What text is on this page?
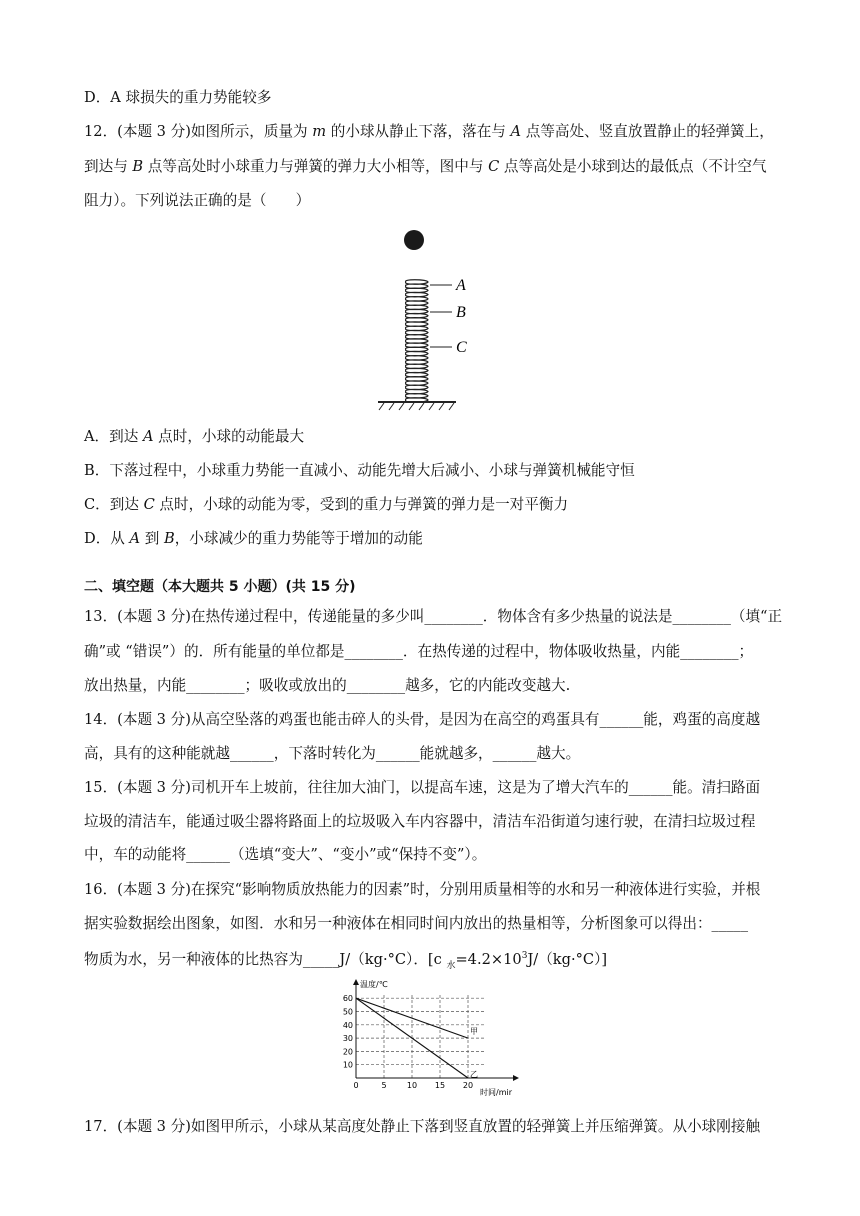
D．A 球损失的重力势能较多
12．(本题 3 分)如图所示，质量为 m 的小球从静止下落，落在与 A 点等高处、竖直放置静止的轻弹簧上，
到达与 B 点等高处时小球重力与弹簧的弹力大小相等，图中与 C 点等高处是小球到达的最低点（不计空气
阻力）。下列说法正确的是（　　）
A
B
C
A．到达 A 点时，小球的动能最大
B．下落过程中，小球重力势能一直减小、动能先增大后减小、小球与弹簧机械能守恒
C．到达 C 点时，小球的动能为零，受到的重力与弹簧的弹力是一对平衡力
D．从 A 到 B，小球减少的重力势能等于增加的动能
二、填空题（本大题共 5 小题）(共 15 分)
13．(本题 3 分)在热传递过程中，传递能量的多少叫________．物体含有多少热量的说法是________（填“正
确”或 “错误”）的．所有能量的单位都是________．在热传递的过程中，物体吸收热量，内能________；
放出热量，内能________；吸收或放出的________越多，它的内能改变越大.
14．(本题 3 分)从高空坠落的鸡蛋也能击碎人的头骨，是因为在高空的鸡蛋具有______能，鸡蛋的高度越
高，具有的这种能就越______，下落时转化为______能就越多，______越大。
15．(本题 3 分)司机开车上坡前，往往加大油门，以提高车速，这是为了增大汽车的______能。清扫路面
垃圾的清洁车，能通过吸尘器将路面上的垃圾吸入车内容器中，清洁车沿街道匀速行驶，在清扫垃圾过程
中，车的动能将______（选填“变大”、“变小”或“保持不变”）。
16．(本题 3 分)在探究“影响物质放热能力的因素”时，分别用质量相等的水和另一种液体进行实验，并根
据实验数据绘出图象，如图．水和另一种液体在相同时间内放出的热量相等，分析图象可以得出：_____
物质为水，另一种液体的比热容为_____J/（kg·°C）．[c $_水=4.2\times 10^3J/(kg\cdot^\circ C)$]
10
20
30
40
50
60
0	5	10 15 20
温度/℃
时间/mir
甲
乙
17．(本题 3 分)如图甲所示，小球从某高度处静止下落到竖直放置的轻弹簧上并压缩弹簧。从小球刚接触
